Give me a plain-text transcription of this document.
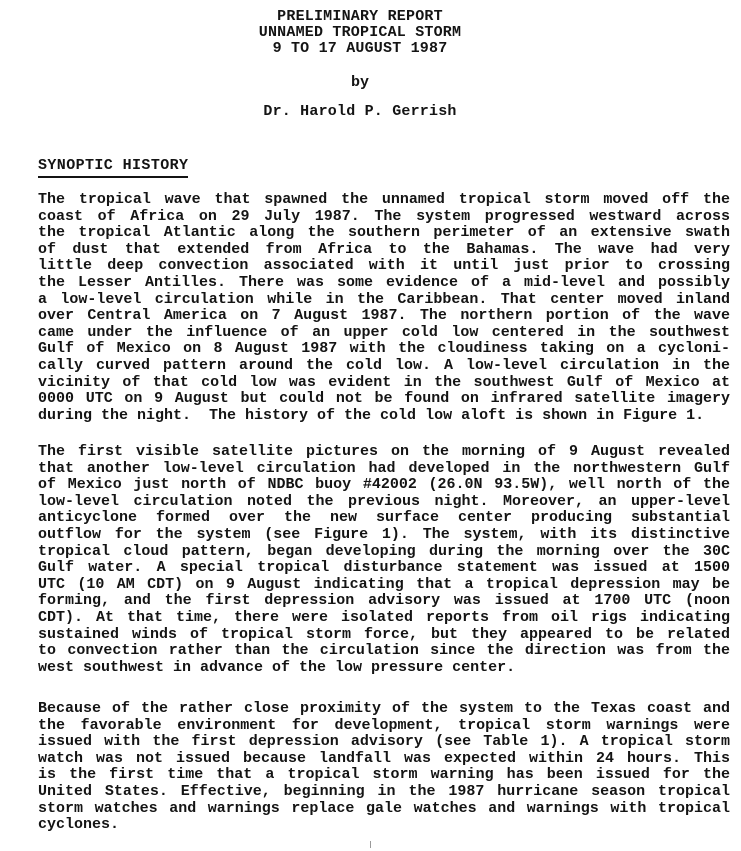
PRELIMINARY REPORT
UNNAMED TROPICAL STORM
9 TO 17 AUGUST 1987
by
Dr. Harold P. Gerrish
SYNOPTIC HISTORY
The tropical wave that spawned the unnamed tropical storm moved off the
coast of Africa on 29 July 1987. The system progressed westward across
the tropical Atlantic along the southern perimeter of an extensive swath
of dust that extended from Africa to the Bahamas. The wave had very
little deep convection associated with it until just prior to crossing
the Lesser Antilles. There was some evidence of a mid-level and possibly
a low-level circulation while in the Caribbean. That center moved inland
over Central America on 7 August 1987. The northern portion of the wave
came under the influence of an upper cold low centered in the southwest
Gulf of Mexico on 8 August 1987 with the cloudiness taking on a cycloni-
cally curved pattern around the cold low. A low-level circulation in the
vicinity of that cold low was evident in the southwest Gulf of Mexico at
0000 UTC on 9 August but could not be found on infrared satellite imagery
during the night.  The history of the cold low aloft is shown in Figure 1.
The first visible satellite pictures on the morning of 9 August revealed
that another low-level circulation had developed in the northwestern Gulf
of Mexico just north of NDBC buoy #42002 (26.0N 93.5W), well north of the
low-level circulation noted the previous night. Moreover, an upper-level
anticyclone formed over the new surface center producing substantial
outflow for the system (see Figure 1). The system, with its distinctive
tropical cloud pattern, began developing during the morning over the 30C
Gulf water. A special tropical disturbance statement was issued at 1500
UTC (10 AM CDT) on 9 August indicating that a tropical depression may be
forming, and the first depression advisory was issued at 1700 UTC (noon
CDT). At that time, there were isolated reports from oil rigs indicating
sustained winds of tropical storm force, but they appeared to be related
to convection rather than the circulation since the direction was from the
west southwest in advance of the low pressure center.
Because of the rather close proximity of the system to the Texas coast and
the favorable environment for development, tropical storm warnings were
issued with the first depression advisory (see Table 1). A tropical storm
watch was not issued because landfall was expected within 24 hours. This
is the first time that a tropical storm warning has been issued for the
United States. Effective, beginning in the 1987 hurricane season tropical
storm watches and warnings replace gale watches and warnings with tropical
cyclones.
